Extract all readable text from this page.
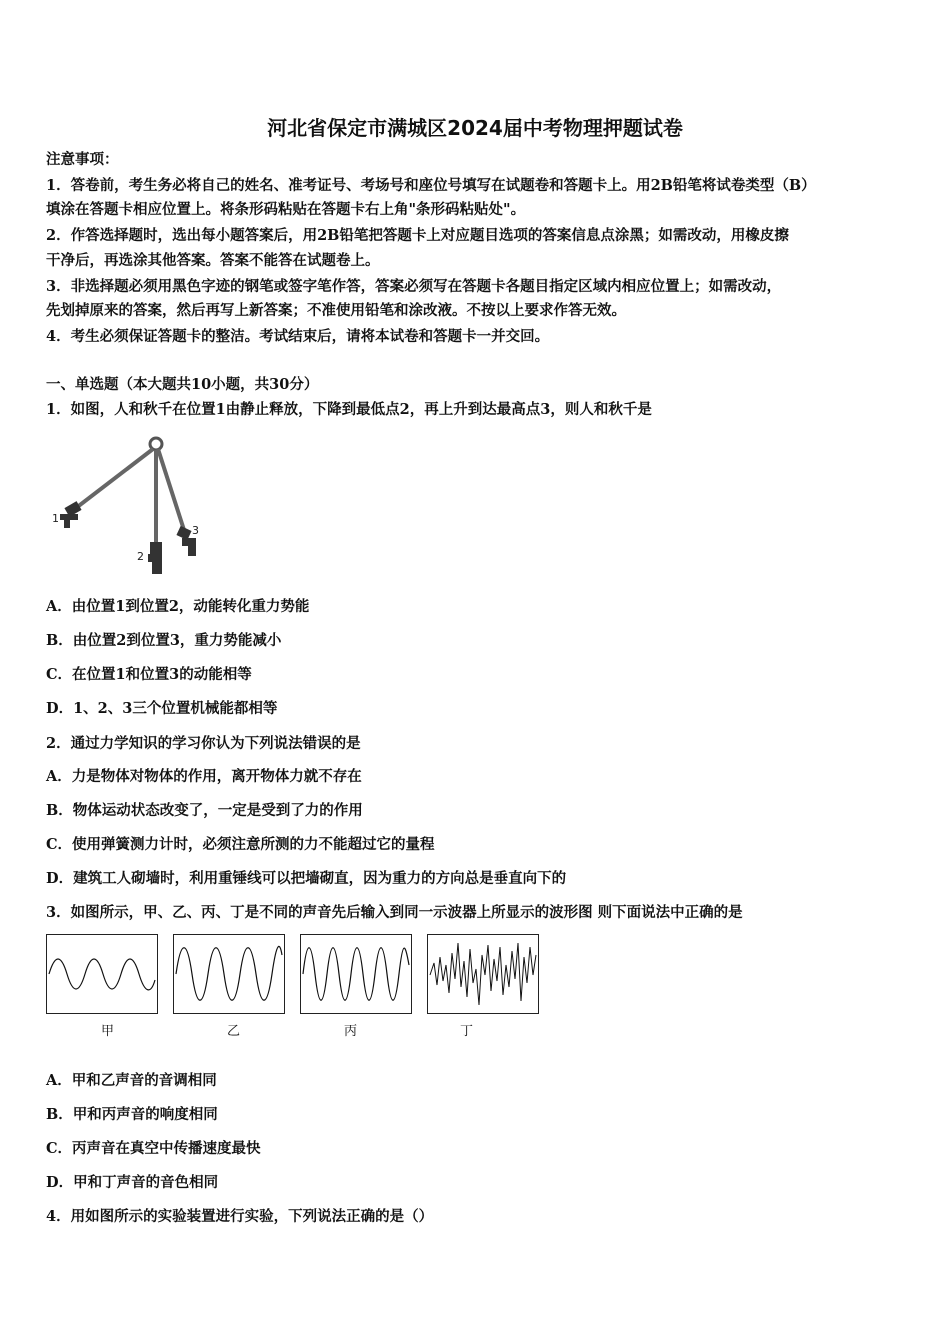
河北省保定市满城区2024届中考物理押题试卷
注意事项：
1．答卷前，考生务必将自己的姓名、准考证号、考场号和座位号填写在试题卷和答题卡上。用2B铅笔将试卷类型（B）
填涂在答题卡相应位置上。将条形码粘贴在答题卡右上角"条形码粘贴处"。
2．作答选择题时，选出每小题答案后，用2B铅笔把答题卡上对应题目选项的答案信息点涂黑；如需改动，用橡皮擦
干净后，再选涂其他答案。答案不能答在试题卷上。
3．非选择题必须用黑色字迹的钢笔或签字笔作答，答案必须写在答题卡各题目指定区域内相应位置上；如需改动，
先划掉原来的答案，然后再写上新答案；不准使用铅笔和涂改液。不按以上要求作答无效。
4．考生必须保证答题卡的整洁。考试结束后，请将本试卷和答题卡一并交回。
一、单选题（本大题共10小题，共30分）
1．如图，人和秋千在位置1由静止释放，下降到最低点2，再上升到达最高点3，则人和秋千是
1
2
3
A．由位置1到位置2，动能转化重力势能
B．由位置2到位置3，重力势能减小
C．在位置1和位置3的动能相等
D．1、2、3三个位置机械能都相等
2．通过力学知识的学习你认为下列说法错误的是
A．力是物体对物体的作用，离开物体力就不存在
B．物体运动状态改变了，一定是受到了力的作用
C．使用弹簧测力计时，必须注意所测的力不能超过它的量程
D．建筑工人砌墙时，利用重锤线可以把墙砌直，因为重力的方向总是垂直向下的
3．如图所示，甲、乙、丙、丁是不同的声音先后输入到同一示波器上所显示的波形图 则下面说法中正确的是
甲	乙	丙	丁
A．甲和乙声音的音调相同
B．甲和丙声音的响度相同
C．丙声音在真空中传播速度最快
D．甲和丁声音的音色相同
4．用如图所示的实验装置进行实验，下列说法正确的是（）
